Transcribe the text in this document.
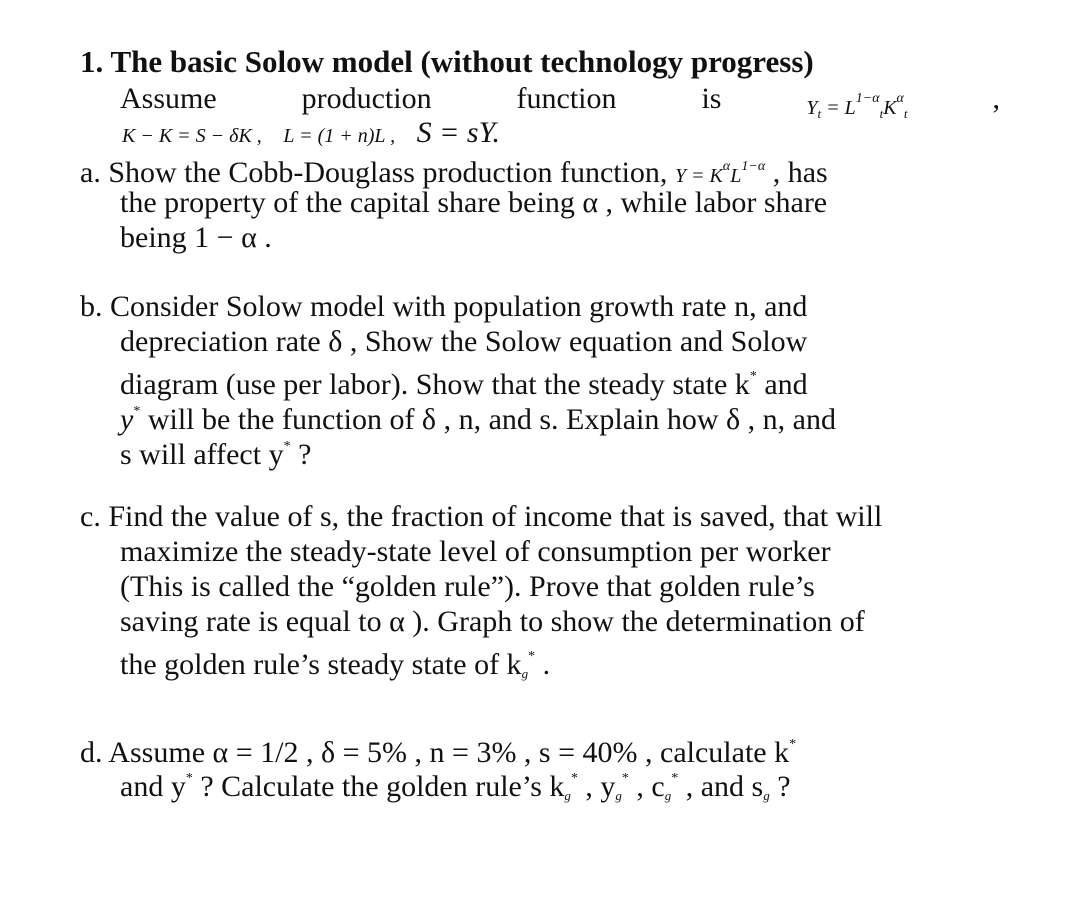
1. The basic Solow model (without technology progress)
Assume	production	function	is	$Y_t = L^{1-\alpha}_tK^\alpha_t$	,
K − K = S − δK , L = (1 + n)L , S = sY.
a. Show the Cobb-Douglass production function, $Y = K^\alpha L^{1-\alpha}$ , has
the property of the capital share being α , while labor share
being 1 − α .
b. Consider Solow model with population growth rate n, and
depreciation rate δ , Show the Solow equation and Solow
diagram (use per labor). Show that the steady state k* and
y* will be the function of δ , n, and s. Explain how δ , n, and
s will affect y* ?
c. Find the value of s, the fraction of income that is saved, that will
maximize the steady-state level of consumption per worker
(This is called the “golden rule”). Prove that golden rule’s
saving rate is equal to α ). Graph to show the determination of
the golden rule’s steady state of kg* .
d. Assume α = 1/2 , δ = 5% , n = 3% , s = 40% , calculate k*
and y* ? Calculate the golden rule’s kg* , yg* , cg* , and sg ?
